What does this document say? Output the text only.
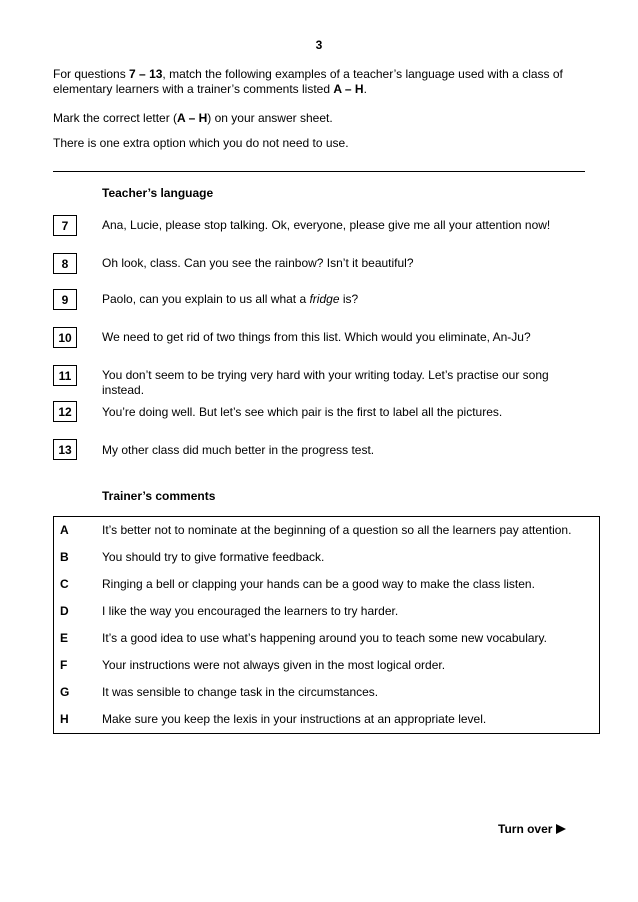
3
For questions 7 – 13, match the following examples of a teacher’s language used with a class of elementary learners with a trainer’s comments listed A – H.
Mark the correct letter (A – H) on your answer sheet.
There is one extra option which you do not need to use.
Teacher’s language
7	Ana, Lucie, please stop talking. Ok, everyone, please give me all your attention now!
8	Oh look, class. Can you see the rainbow? Isn’t it beautiful?
9	Paolo, can you explain to us all what a fridge is?
10	We need to get rid of two things from this list. Which would you eliminate, An-Ju?
11	You don’t seem to be trying very hard with your writing today. Let’s practise our song instead.
12	You’re doing well. But let’s see which pair is the first to label all the pictures.
13	My other class did much better in the progress test.
Trainer’s comments
A	It’s better not to nominate at the beginning of a question so all the learners pay attention.
B	You should try to give formative feedback.
C	Ringing a bell or clapping your hands can be a good way to make the class listen.
D	I like the way you encouraged the learners to try harder.
E	It’s a good idea to use what’s happening around you to teach some new vocabulary.
F	Your instructions were not always given in the most logical order.
G	It was sensible to change task in the circumstances.
H	Make sure you keep the lexis in your instructions at an appropriate level.
Turn over
